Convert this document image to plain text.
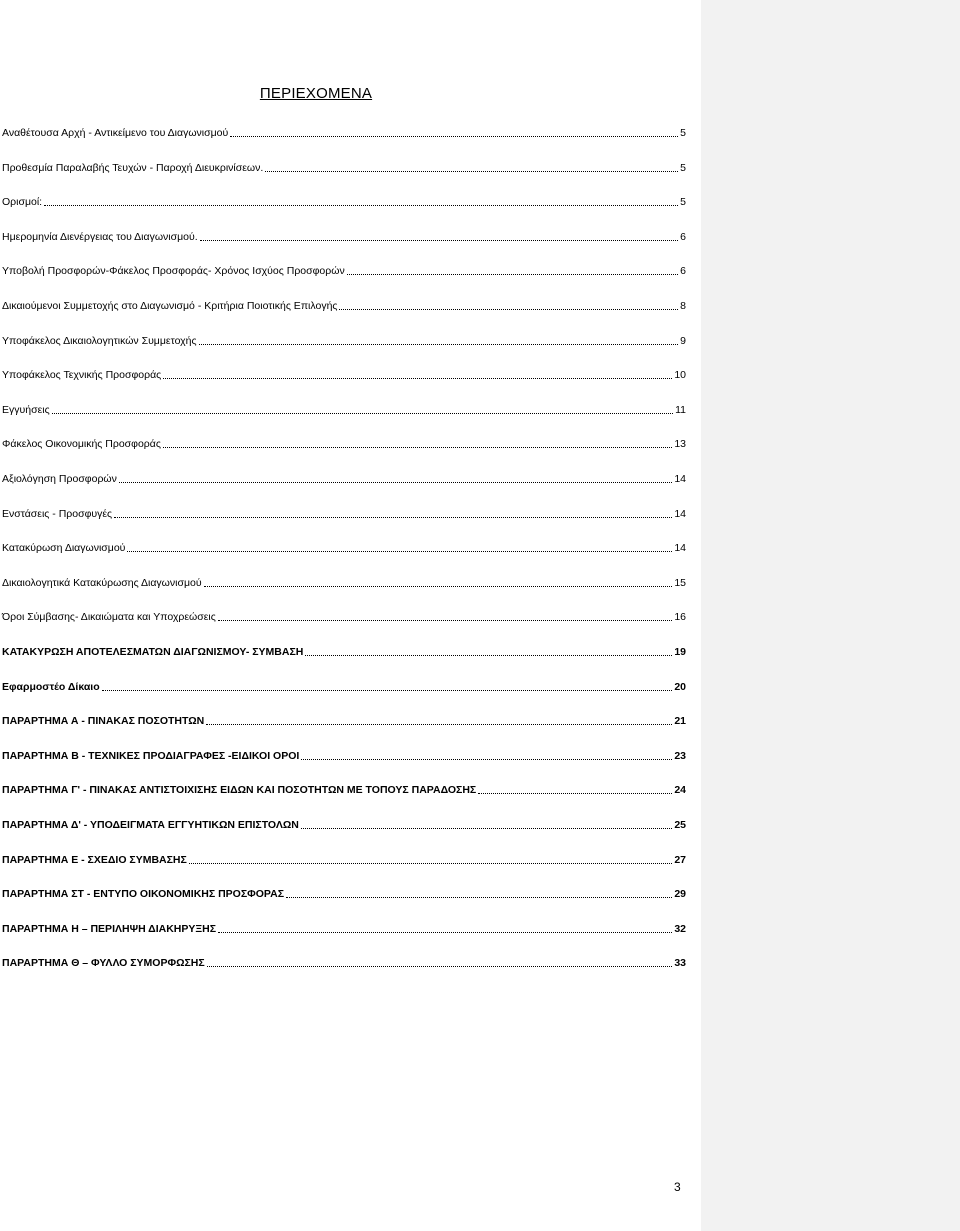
ΠΕΡΙΕΧΟΜΕΝΑ
Αναθέτουσα Αρχή - Αντικείμενο του Διαγωνισμού	5
Προθεσμία Παραλαβής Τευχών - Παροχή Διευκρινίσεων.	5
Ορισμοί:	5
Ημερομηνία Διενέργειας του Διαγωνισμού.	6
Υποβολή Προσφορών-Φάκελος Προσφοράς- Χρόνος Ισχύος Προσφορών	6
Δικαιούμενοι Συμμετοχής στο Διαγωνισμό - Κριτήρια Ποιοτικής Επιλογής	8
Υποφάκελος Δικαιολογητικών Συμμετοχής	9
Υποφάκελος Τεχνικής Προσφοράς	10
Εγγυήσεις	11
Φάκελος Οικονομικής Προσφοράς	13
Αξιολόγηση Προσφορών	14
Ενστάσεις - Προσφυγές	14
Κατακύρωση Διαγωνισμού	14
Δικαιολογητικά Κατακύρωσης Διαγωνισμού	15
Όροι Σύμβασης- Δικαιώματα και Υποχρεώσεις	16
ΚΑΤΑΚΥΡΩΣΗ ΑΠΟΤΕΛΕΣΜΑΤΩΝ ΔΙΑΓΩΝΙΣΜΟΥ- ΣΥΜΒΑΣΗ	19
Εφαρμοστέο Δίκαιο	20
ΠΑΡΑΡΤΗΜΑ Α - ΠΙΝΑΚΑΣ ΠΟΣΟΤΗΤΩΝ	21
ΠΑΡΑΡΤΗΜΑ Β - ΤΕΧΝΙΚΕΣ ΠΡΟΔΙΑΓΡΑΦΕΣ -ΕΙΔΙΚΟΙ ΟΡΟΙ	23
ΠΑΡΑΡΤΗΜΑ Γ' - ΠΙΝΑΚΑΣ ΑΝΤΙΣΤΟΙΧΙΣΗΣ ΕΙΔΩΝ ΚΑΙ ΠΟΣΟΤΗΤΩΝ ΜΕ ΤΟΠΟΥΣ ΠΑΡΑΔΟΣΗΣ	24
ΠΑΡΑΡΤΗΜΑ Δ' - ΥΠΟΔΕΙΓΜΑΤΑ ΕΓΓΥΗΤΙΚΩΝ ΕΠΙΣΤΟΛΩΝ	25
ΠΑΡΑΡΤΗΜΑ Ε - ΣΧΕΔΙΟ ΣΥΜΒΑΣΗΣ	27
ΠΑΡΑΡΤΗΜΑ ΣΤ - ΕΝΤΥΠΟ ΟΙΚΟΝΟΜΙΚΗΣ ΠΡΟΣΦΟΡΑΣ	29
ΠΑΡΑΡΤΗΜΑ Η – ΠΕΡΙΛΗΨΗ ΔΙΑΚΗΡΥΞΗΣ	32
ΠΑΡΑΡΤΗΜΑ Θ – ΦΥΛΛΟ ΣΥΜΟΡΦΩΣΗΣ	33
3
